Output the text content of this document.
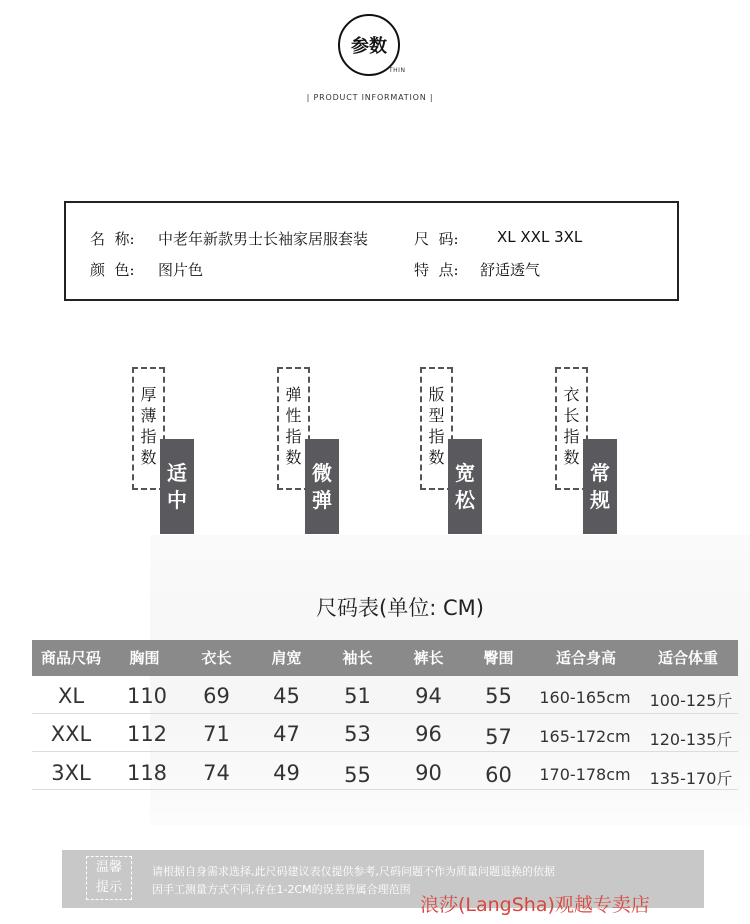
参数
THIN
| PRODUCT INFORMATION |
名  称: 中老年新款男士长袖家居服套装	尺  码:	XL XXL 3XL
颜  色: 图片色	特  点: 舒适透气
厚
薄
指
数
适
中
弹
性
指
数
微
弹
版
型
指
数
宽
松
衣
长
指
数
常
规
尺码表(单位: CM)
商品尺码	胸围	衣长	肩宽	袖长	裤长	臀围	适合身高	适合体重
XL	110	69	45	51	94	55	160-165cm	100-125斤
XXL	112	71	47	53	96	57	165-172cm	120-135斤
3XL	118	74	49	55	90	60	170-178cm	135-170斤
温馨
提示
请根据自身需求选择,此尺码建议表仅提供参考,尺码问题不作为质量问题退换的依据
因手工测量方式不同,存在1-2CM的误差皆属合理范围
浪莎(LangSha)观越专卖店
